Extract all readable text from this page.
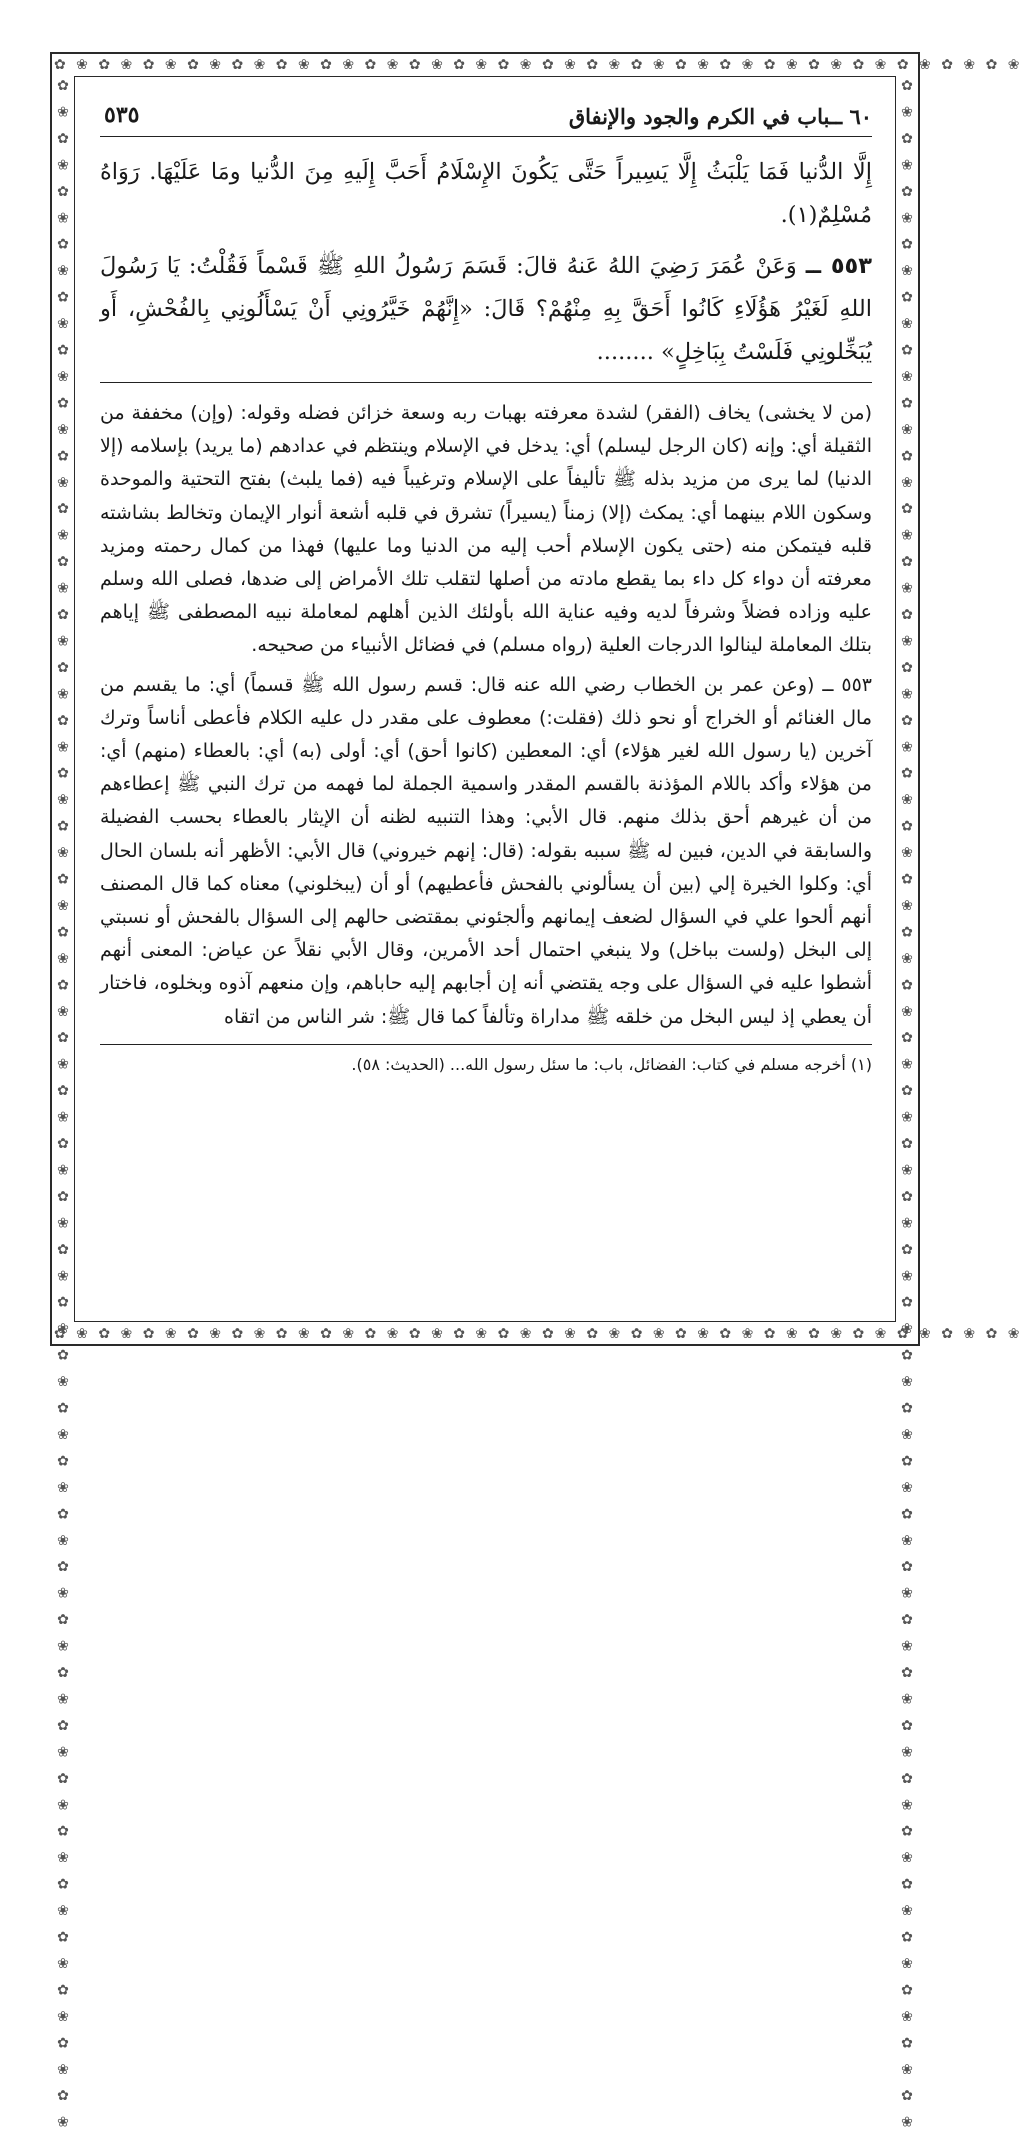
✿ ❀ ✿ ❀ ✿ ❀ ✿ ❀ ✿ ❀ ✿ ❀ ✿ ❀ ✿ ❀ ✿ ❀ ✿ ❀ ✿ ❀ ✿ ❀ ✿ ❀ ✿ ❀ ✿ ❀ ✿ ❀ ✿ ❀ ✿ ❀ ✿ ❀ ✿ ❀ ✿ ❀ ✿ ❀
✿ ❀ ✿ ❀ ✿ ❀ ✿ ❀ ✿ ❀ ✿ ❀ ✿ ❀ ✿ ❀ ✿ ❀ ✿ ❀ ✿ ❀ ✿ ❀ ✿ ❀ ✿ ❀ ✿ ❀ ✿ ❀ ✿ ❀ ✿ ❀ ✿ ❀ ✿ ❀ ✿ ❀ ✿ ❀
✿ ❀ ✿ ❀ ✿ ❀ ✿ ❀ ✿ ❀ ✿ ❀ ✿ ❀ ✿ ❀ ✿ ❀ ✿ ❀ ✿ ❀ ✿ ❀ ✿ ❀ ✿ ❀ ✿ ❀ ✿ ❀ ✿ ❀ ✿ ❀ ✿ ❀ ✿ ❀ ✿ ❀ ✿ ❀ ✿ ❀ ✿ ❀ ✿ ❀ ✿ ❀ ✿ ❀ ✿ ❀ ✿ ❀ ✿ ❀ ✿ ❀ ✿ ❀ ✿ ❀ ✿ ❀ ✿ ❀ ✿ ❀ ✿ ❀ ✿ ❀ ✿ ❀	✿ ❀ ✿ ❀ ✿ ❀ ✿ ❀ ✿ ❀ ✿ ❀ ✿ ❀ ✿ ❀ ✿ ❀ ✿ ❀ ✿ ❀ ✿ ❀ ✿ ❀ ✿ ❀ ✿ ❀ ✿ ❀ ✿ ❀ ✿ ❀ ✿ ❀ ✿ ❀ ✿ ❀ ✿ ❀ ✿ ❀ ✿ ❀ ✿ ❀ ✿ ❀ ✿ ❀ ✿ ❀ ✿ ❀ ✿ ❀ ✿ ❀ ✿ ❀ ✿ ❀ ✿ ❀ ✿ ❀ ✿ ❀ ✿ ❀ ✿ ❀ ✿ ❀
٦٠ ــباب في الكرم والجود والإنفاق
٥٣٥

إِلَّا الدُّنيا فَمَا يَلْبَثُ إِلَّا يَسِيراً حَتَّى يَكُونَ الإِسْلَامُ أَحَبَّ إِلَيهِ مِنَ الدُّنيا ومَا عَلَيْهَا. رَوَاهُ مُسْلِمٌ(١).

٥٥٣ ــ وَعَنْ عُمَرَ رَضِيَ اللهُ عَنهُ قالَ: قَسَمَ رَسُولُ اللهِ ﷺ قَسْماً فَقُلْتُ: يَا رَسُولَ اللهِ لَغَيْرُ هَؤُلَاءِ كَانُوا أَحَقَّ بِهِ مِنْهُمْ؟ قَالَ: «إِنَّهُمْ خَيَّرُونِي أَنْ يَسْأَلُونِي بِالفُحْشِ، أَو يُبَخِّلونِي فَلَسْتُ بِبَاخِلٍ» ........

(من لا يخشى) يخاف (الفقر) لشدة معرفته بهبات ربه وسعة خزائن فضله وقوله: (وإن) مخففة من الثقيلة أي: وإنه (كان الرجل ليسلم) أي: يدخل في الإسلام وينتظم في عدادهم (ما يريد) بإسلامه (إلا الدنيا) لما يرى من مزيد بذله ﷺ تأليفاً على الإسلام وترغيباً فيه (فما يلبث) بفتح التحتية والموحدة وسكون اللام بينهما أي: يمكث (إلا) زمناً (يسيراً) تشرق في قلبه أشعة أنوار الإيمان وتخالط بشاشته قلبه فيتمكن منه (حتى يكون الإسلام أحب إليه من الدنيا وما عليها) فهذا من كمال رحمته ومزيد معرفته أن دواء كل داء بما يقطع مادته من أصلها لتقلب تلك الأمراض إلى ضدها، فصلى الله وسلم عليه وزاده فضلاً وشرفاً لديه وفيه عناية الله بأولئك الذين أهلهم لمعاملة نبيه المصطفى ﷺ إياهم بتلك المعاملة لينالوا الدرجات العلية (رواه مسلم) في فضائل الأنبياء من صحيحه.

٥٥٣ ــ (وعن عمر بن الخطاب رضي الله عنه قال: قسم رسول الله ﷺ قسماً) أي: ما يقسم من مال الغنائم أو الخراج أو نحو ذلك (فقلت:) معطوف على مقدر دل عليه الكلام فأعطى أناساً وترك آخرين (يا رسول الله لغير هؤلاء) أي: المعطين (كانوا أحق) أي: أولى (به) أي: بالعطاء (منهم) أي: من هؤلاء وأكد باللام المؤذنة بالقسم المقدر واسمية الجملة لما فهمه من ترك النبي ﷺ إعطاءهم من أن غيرهم أحق بذلك منهم. قال الأبي: وهذا التنبيه لظنه أن الإيثار بالعطاء بحسب الفضيلة والسابقة في الدين، فبين له ﷺ سببه بقوله: (قال: إنهم خيروني) قال الأبي: الأظهر أنه بلسان الحال أي: وكلوا الخيرة إلي (بين أن يسألوني بالفحش فأعطيهم) أو أن (يبخلوني) معناه كما قال المصنف أنهم ألحوا علي في السؤال لضعف إيمانهم وألجئوني بمقتضى حالهم إلى السؤال بالفحش أو نسبتي إلى البخل (ولست بباخل) ولا ينبغي احتمال أحد الأمرين، وقال الأبي نقلاً عن عياض: المعنى أنهم أشطوا عليه في السؤال على وجه يقتضي أنه إن أجابهم إليه حاباهم، وإن منعهم آذوه وبخلوه، فاختار أن يعطي إذ ليس البخل من خلقه ﷺ مداراة وتألفاً كما قال ﷺ: شر الناس من اتقاه

(١) أخرجه مسلم في كتاب: الفضائل، باب: ما سئل رسول الله... (الحديث: ٥٨).
